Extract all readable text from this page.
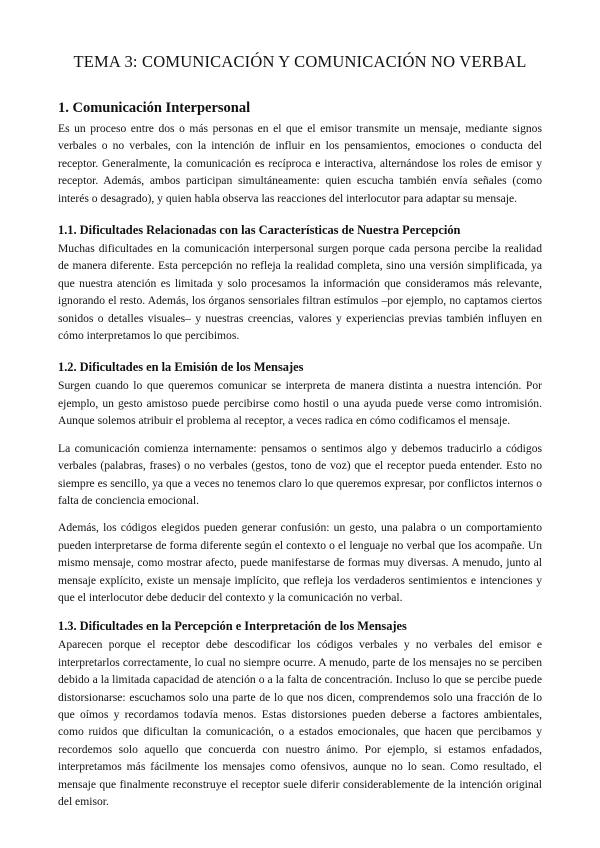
TEMA 3: COMUNICACIÓN Y COMUNICACIÓN NO VERBAL
1. Comunicación Interpersonal

Es un proceso entre dos o más personas en el que el emisor transmite un mensaje, mediante signos verbales o no verbales, con la intención de influir en los pensamientos, emociones o conducta del receptor. Generalmente, la comunicación es recíproca e interactiva, alternándose los roles de emisor y receptor. Además, ambos participan simultáneamente: quien escucha también envía señales (como interés o desagrado), y quien habla observa las reacciones del interlocutor para adaptar su mensaje.

1.1. Dificultades Relacionadas con las Características de Nuestra Percepción

Muchas dificultades en la comunicación interpersonal surgen porque cada persona percibe la realidad de manera diferente. Esta percepción no refleja la realidad completa, sino una versión simplificada, ya que nuestra atención es limitada y solo procesamos la información que consideramos más relevante, ignorando el resto. Además, los órganos sensoriales filtran estímulos –por ejemplo, no captamos ciertos sonidos o detalles visuales– y nuestras creencias, valores y experiencias previas también influyen en cómo interpretamos lo que percibimos.

1.2. Dificultades en la Emisión de los Mensajes

Surgen cuando lo que queremos comunicar se interpreta de manera distinta a nuestra intención. Por ejemplo, un gesto amistoso puede percibirse como hostil o una ayuda puede verse como intromisión. Aunque solemos atribuir el problema al receptor, a veces radica en cómo codificamos el mensaje.

La comunicación comienza internamente: pensamos o sentimos algo y debemos traducirlo a códigos verbales (palabras, frases) o no verbales (gestos, tono de voz) que el receptor pueda entender. Esto no siempre es sencillo, ya que a veces no tenemos claro lo que queremos expresar, por conflictos internos o falta de conciencia emocional.

Además, los códigos elegidos pueden generar confusión: un gesto, una palabra o un comportamiento pueden interpretarse de forma diferente según el contexto o el lenguaje no verbal que los acompañe. Un mismo mensaje, como mostrar afecto, puede manifestarse de formas muy diversas. A menudo, junto al mensaje explícito, existe un mensaje implícito, que refleja los verdaderos sentimientos e intenciones y que el interlocutor debe deducir del contexto y la comunicación no verbal.

1.3. Dificultades en la Percepción e Interpretación de los Mensajes

Aparecen porque el receptor debe descodificar los códigos verbales y no verbales del emisor e interpretarlos correctamente, lo cual no siempre ocurre. A menudo, parte de los mensajes no se perciben debido a la limitada capacidad de atención o a la falta de concentración. Incluso lo que se percibe puede distorsionarse: escuchamos solo una parte de lo que nos dicen, comprendemos solo una fracción de lo que oímos y recordamos todavía menos. Estas distorsiones pueden deberse a factores ambientales, como ruidos que dificultan la comunicación, o a estados emocionales, que hacen que percibamos y recordemos solo aquello que concuerda con nuestro ánimo. Por ejemplo, si estamos enfadados, interpretamos más fácilmente los mensajes como ofensivos, aunque no lo sean. Como resultado, el mensaje que finalmente reconstruye el receptor suele diferir considerablemente de la intención original del emisor.
